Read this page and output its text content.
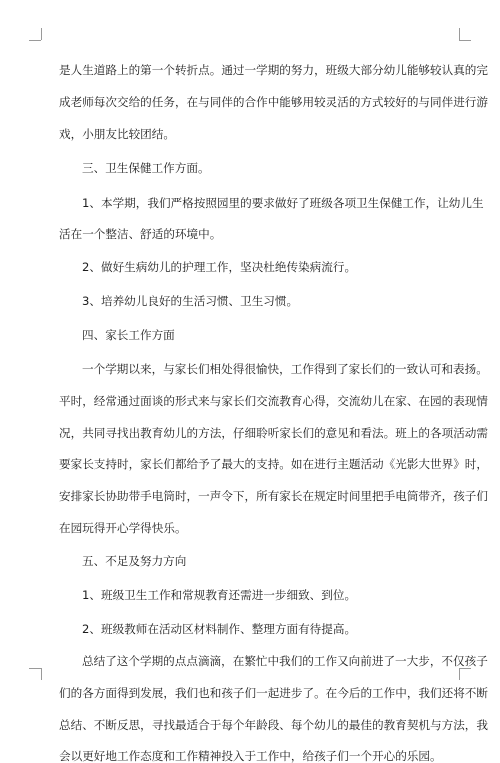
是人生道路上的第一个转折点。通过一学期的努力，班级大部分幼儿能够较认真的完
成老师每次交给的任务，在与同伴的合作中能够用较灵活的方式较好的与同伴进行游
戏，小朋友比较团结。
三、卫生保健工作方面。
1、本学期，我们严格按照园里的要求做好了班级各项卫生保健工作，让幼儿生
活在一个整洁、舒适的环境中。
2、做好生病幼儿的护理工作，坚决杜绝传染病流行。
3、培养幼儿良好的生活习惯、卫生习惯。
四、家长工作方面
一个学期以来，与家长们相处得很愉快，工作得到了家长们的一致认可和表扬。
平时，经常通过面谈的形式来与家长们交流教育心得，交流幼儿在家、在园的表现情
况，共同寻找出教育幼儿的方法，仔细聆听家长们的意见和看法。班上的各项活动需
要家长支持时，家长们都给予了最大的支持。如在进行主题活动《光影大世界》时，
安排家长协助带手电筒时，一声令下，所有家长在规定时间里把手电筒带齐，孩子们
在园玩得开心学得快乐。
五、不足及努力方向
1、班级卫生工作和常规教育还需进一步细致、到位。
2、班级教师在活动区材料制作、整理方面有待提高。
总结了这个学期的点点滴滴，在繁忙中我们的工作又向前进了一大步，不仅孩子
们的各方面得到发展，我们也和孩子们一起进步了。在今后的工作中，我们还将不断
总结、不断反思，寻找最适合于每个年龄段、每个幼儿的最佳的教育契机与方法，我
会以更好地工作态度和工作精神投入于工作中，给孩子们一个开心的乐园。
